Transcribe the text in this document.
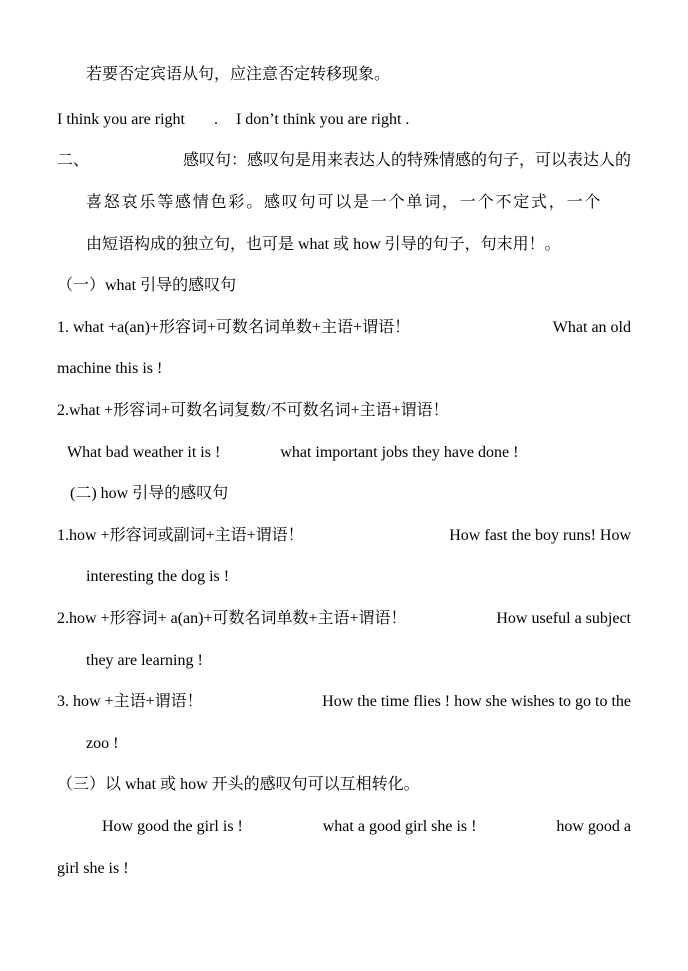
若要否定宾语从句，应注意否定转移现象。
I think you are right . I don’t think you are right .
二、	感叹句：感叹句是用来表达人的特殊情感的句子，可以表达人的
喜怒哀乐等感情色彩。感叹句可以是一个单词，一个不定式，一个
由短语构成的独立句，也可是 what 或 how 引导的句子，句末用！。
（一）what 引导的感叹句
1. what +a(an)+形容词+可数名词单数+主语+谓语！	What an old
machine this is !
2.what +形容词+可数名词复数/不可数名词+主语+谓语！
What bad weather it is !	what important jobs they have done !
(二) how 引导的感叹句
1.how +形容词或副词+主语+谓语！	How fast the boy runs! How
interesting the dog is !
2.how +形容词+ a(an)+可数名词单数+主语+谓语！	How useful a subject
they are learning !
3. how +主语+谓语！	How the time flies ! how she wishes to go to the
zoo !
（三）以 what 或 how 开头的感叹句可以互相转化。
How good the girl is !	what a good girl she is !	how good a
girl she is !
